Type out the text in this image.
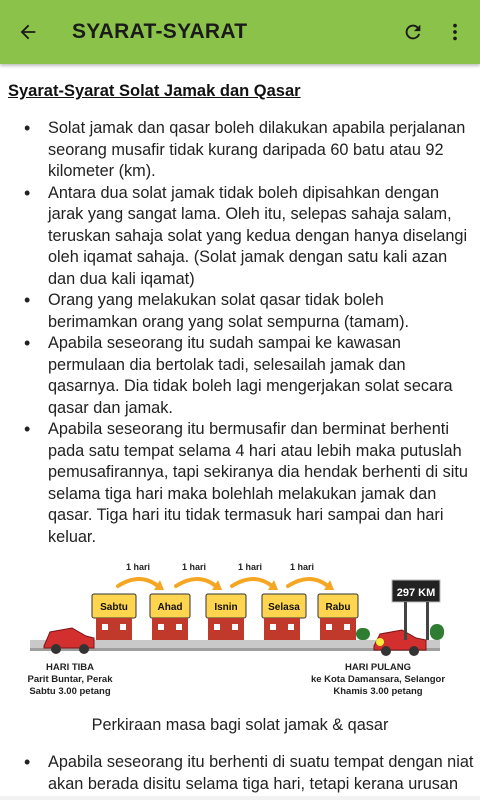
SYARAT-SYARAT
Syarat-Syarat Solat Jamak dan Qasar
• Solat jamak dan qasar boleh dilakukan apabila perjalanan seorang musafir tidak kurang daripada 60 batu atau 92 kilometer (km).
• Antara dua solat jamak tidak boleh dipisahkan dengan jarak yang sangat lama. Oleh itu, selepas sahaja salam, teruskan sahaja solat yang kedua dengan hanya diselangi oleh iqamat sahaja. (Solat jamak dengan satu kali azan dan dua kali iqamat)
• Orang yang melakukan solat qasar tidak boleh berimamkan orang yang solat sempurna (tamam).
• Apabila seseorang itu sudah sampai ke kawasan permulaan dia bertolak tadi, selesailah jamak dan qasarnya. Dia tidak boleh lagi mengerjakan solat secara qasar dan jamak.
• Apabila seseorang itu bermusafir dan berminat berhenti pada satu tempat selama 4 hari atau lebih maka putuslah pemusafirannya, tapi sekiranya dia hendak berhenti di situ selama tiga hari maka bolehlah melakukan jamak dan qasar. Tiga hari itu tidak termasuk hari sampai dan hari keluar.
1 hari	1 hari	1 hari	1 hari
Sabtu	Ahad	Isnin	Selasa	Rabu
297 KM
HARI TIBA
Parit Buntar, Perak
Sabtu 3.00 petang
HARI PULANG
ke Kota Damansara, Selangor
Khamis 3.00 petang
Perkiraan masa bagi solat jamak & qasar
• Apabila seseorang itu berhenti di suatu tempat dengan niat akan berada disitu selama tiga hari, tetapi kerana urusan
